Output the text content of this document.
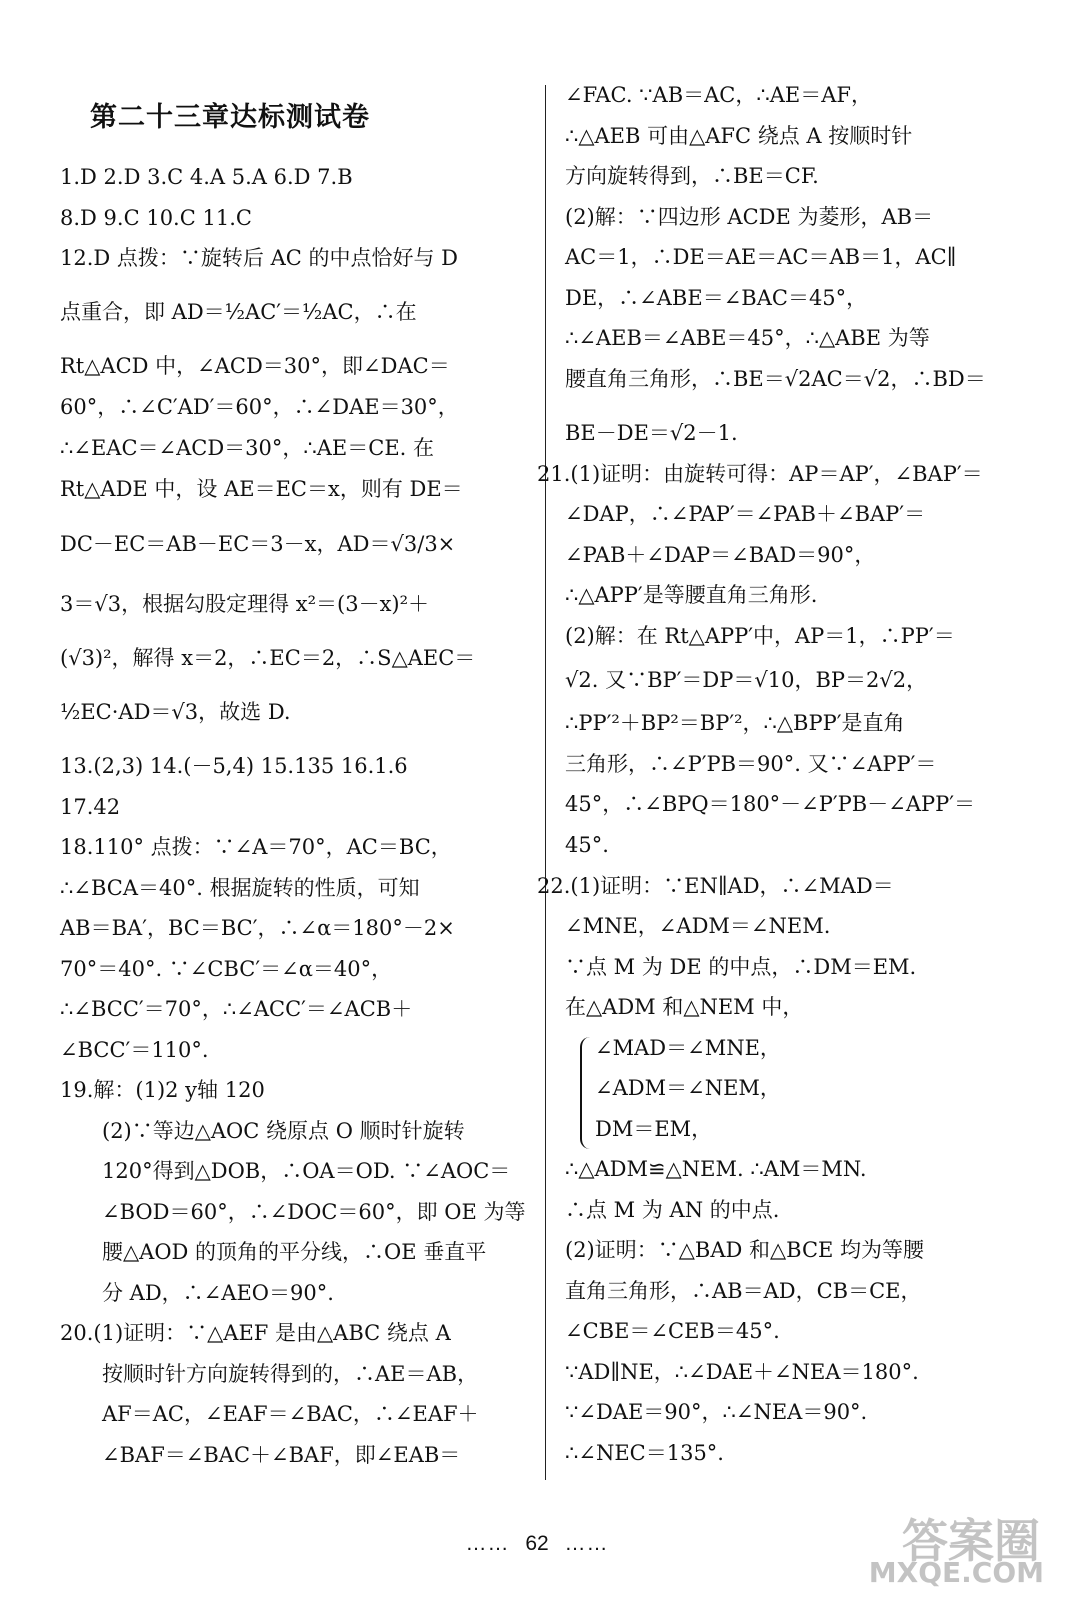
第二十三章达标测试卷
1.D 2.D 3.C 4.A 5.A 6.D 7.B
8.D 9.C 10.C 11.C
12.D 点拨：∵旋转后 AC 的中点恰好与 D
点重合，即 AD＝½AC′＝½AC，∴在
Rt△ACD 中，∠ACD＝30°，即∠DAC＝
60°，∴∠C′AD′＝60°，∴∠DAE＝30°，
∴∠EAC＝∠ACD＝30°，∴AE＝CE. 在
Rt△ADE 中，设 AE＝EC＝x，则有 DE＝
DC－EC＝AB－EC＝3－x，AD＝√3/3×
3＝√3，根据勾股定理得 x²＝(3－x)²＋
(√3)²，解得 x＝2，∴EC＝2，∴S△AEC＝
½EC·AD＝√3，故选 D.
13.(2,3) 14.(－5,4) 15.135 16.1.6
17.42
18.110° 点拨：∵∠A＝70°，AC＝BC，
∴∠BCA＝40°. 根据旋转的性质，可知
AB＝BA′，BC＝BC′，∴∠α＝180°－2×
70°＝40°. ∵∠CBC′＝∠α＝40°，
∴∠BCC′＝70°，∴∠ACC′＝∠ACB＋
∠BCC′＝110°.
19.解：(1)2 y轴 120
(2)∵等边△AOC 绕原点 O 顺时针旋转
120°得到△DOB，∴OA＝OD. ∵∠AOC＝
∠BOD＝60°，∴∠DOC＝60°，即 OE 为等
腰△AOD 的顶角的平分线，∴OE 垂直平
分 AD，∴∠AEO＝90°.
20.(1)证明：∵△AEF 是由△ABC 绕点 A
按顺时针方向旋转得到的，∴AE＝AB，
AF＝AC，∠EAF＝∠BAC，∴∠EAF＋
∠BAF＝∠BAC＋∠BAF，即∠EAB＝
∠FAC. ∵AB＝AC，∴AE＝AF，
∴△AEB 可由△AFC 绕点 A 按顺时针
方向旋转得到，∴BE＝CF.
(2)解：∵四边形 ACDE 为菱形，AB＝
AC＝1，∴DE＝AE＝AC＝AB＝1，AC∥
DE，∴∠ABE＝∠BAC＝45°，
∴∠AEB＝∠ABE＝45°，∴△ABE 为等
腰直角三角形，∴BE＝√2AC＝√2，∴BD＝
BE－DE＝√2－1.
21.(1)证明：由旋转可得：AP＝AP′，∠BAP′＝
∠DAP，∴∠PAP′＝∠PAB＋∠BAP′＝
∠PAB＋∠DAP＝∠BAD＝90°，
∴△APP′是等腰直角三角形.
(2)解：在 Rt△APP′中，AP＝1，∴PP′＝
√2. 又∵BP′＝DP＝√10，BP＝2√2，
∴PP′²＋BP²＝BP′²，∴△BPP′是直角
三角形，∴∠P′PB＝90°. 又∵∠APP′＝
45°，∴∠BPQ＝180°－∠P′PB－∠APP′＝
45°.
22.(1)证明：∵EN∥AD，∴∠MAD＝
∠MNE，∠ADM＝∠NEM.
∵点 M 为 DE 的中点，∴DM＝EM.
在△ADM 和△NEM 中，
∠MAD＝∠MNE，
∠ADM＝∠NEM，
DM＝EM，
∴△ADM≌△NEM. ∴AM＝MN.
∴点 M 为 AN 的中点.
(2)证明：∵△BAD 和△BCE 均为等腰
直角三角形，∴AB＝AD，CB＝CE，
∠CBE＝∠CEB＝45°.
∵AD∥NE，∴∠DAE＋∠NEA＝180°.
∵∠DAE＝90°，∴∠NEA＝90°.
∴∠NEC＝135°.
…… 62 ……	答案圈
MXQE.COM
